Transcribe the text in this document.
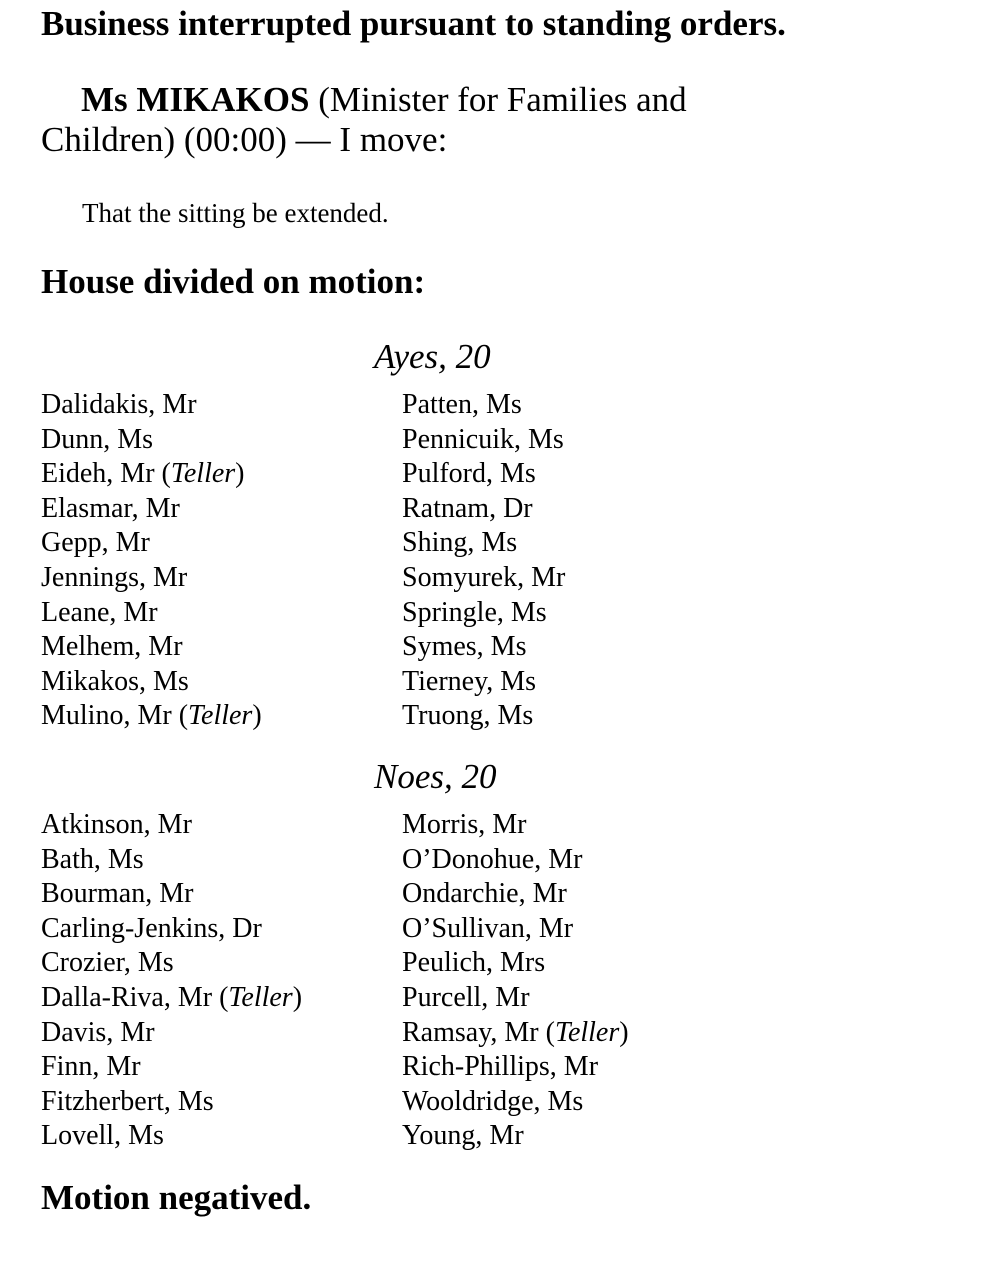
Business interrupted pursuant to standing orders.
Ms MIKAKOS (Minister for Families and Children) (00:00) — I move:
That the sitting be extended.
House divided on motion:
Ayes, 20
Dalidakis, Mr
Dunn, Ms
Eideh, Mr (Teller)
Elasmar, Mr
Gepp, Mr
Jennings, Mr
Leane, Mr
Melhem, Mr
Mikakos, Ms
Mulino, Mr (Teller)
Patten, Ms
Pennicuik, Ms
Pulford, Ms
Ratnam, Dr
Shing, Ms
Somyurek, Mr
Springle, Ms
Symes, Ms
Tierney, Ms
Truong, Ms
Noes, 20
Atkinson, Mr
Bath, Ms
Bourman, Mr
Carling-Jenkins, Dr
Crozier, Ms
Dalla-Riva, Mr (Teller)
Davis, Mr
Finn, Mr
Fitzherbert, Ms
Lovell, Ms
Morris, Mr
O’Donohue, Mr
Ondarchie, Mr
O’Sullivan, Mr
Peulich, Mrs
Purcell, Mr
Ramsay, Mr (Teller)
Rich-Phillips, Mr
Wooldridge, Ms
Young, Mr
Motion negatived.
